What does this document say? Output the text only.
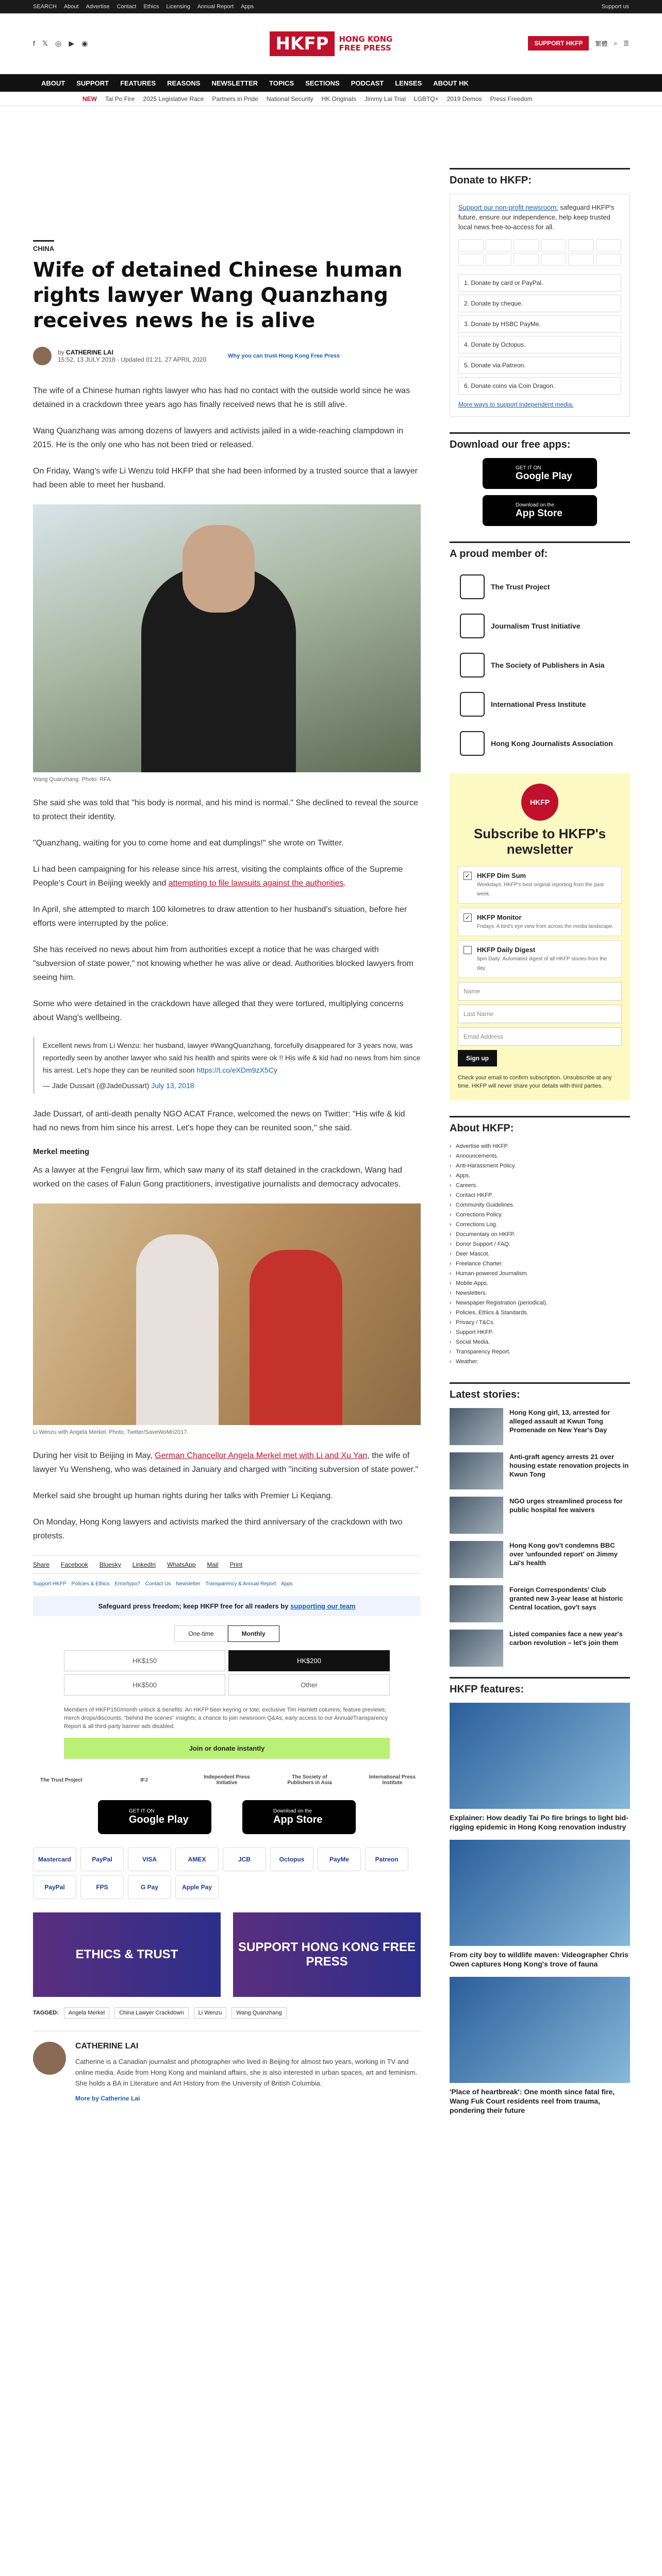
SEARCH About Advertise Contact Ethics Licensing Annual Report Apps	Support us
f 𝕏 ◎ ▶ ◉	HKFP	HONG KONG
FREE PRESS	SUPPORT HKFP	繁體 ⌕ ☰
ABOUT SUPPORT FEATURES REASONS NEWSLETTER TOPICS SECTIONS PODCAST LENSES ABOUT HK
NEW Tai Po Fire 2025 Legislative Race Partners in Pride National Security HK Originals Jimmy Lai Trial LGBTQ+ 2019 Demos Press Freedom
CHINA
Wife of detained Chinese human rights lawyer Wang Quanzhang receives news he is alive
by CATHERINE LAI
15:52, 13 JULY 2018 · Updated 01:21, 27 APRIL 2020	Why you can trust Hong Kong Free Press

The wife of a Chinese human rights lawyer who has had no contact with the outside world since he was detained in a crackdown three years ago has finally received news that he is still alive.

Wang Quanzhang was among dozens of lawyers and activists jailed in a wide-reaching clampdown in 2015. He is the only one who has not been tried or released.

On Friday, Wang's wife Li Wenzu told HKFP that she had been informed by a trusted source that a lawyer had been able to meet her husband.

Wang Quanzhang. Photo: RFA.

She said she was told that "his body is normal, and his mind is normal." She declined to reveal the source to protect their identity.

"Quanzhang, waiting for you to come home and eat dumplings!" she wrote on Twitter.

Li had been campaigning for his release since his arrest, visiting the complaints office of the Supreme People's Court in Beijing weekly and attempting to file lawsuits against the authorities.

In April, she attempted to march 100 kilometres to draw attention to her husband's situation, before her efforts were interrupted by the police.

She has received no news about him from authorities except a notice that he was charged with "subversion of state power," not knowing whether he was alive or dead. Authorities blocked lawyers from seeing him.

Some who were detained in the crackdown have alleged that they were tortured, multiplying concerns about Wang's wellbeing.

Excellent news from Li Wenzu: her husband, lawyer #WangQuanzhang, forcefully disappeared for 3 years now, was reportedly seen by another lawyer who said his health and spirits were ok !! His wife & kid had no news from him since his arrest. Let's hope they can be reunited soon https://t.co/eXDm9zX5Cy
— Jade Dussart (@JadeDussart) July 13, 2018

Jade Dussart, of anti-death penalty NGO ACAT France, welcomed the news on Twitter: "His wife & kid had no news from him since his arrest. Let's hope they can be reunited soon," she said.

Merkel meeting

As a lawyer at the Fengrui law firm, which saw many of its staff detained in the crackdown, Wang had worked on the cases of Falun Gong practitioners, investigative journalists and democracy advocates.

Li Wenzu with Angela Merkel. Photo: Twitter/SaveWoMri2017.

During her visit to Beijing in May, German Chancellor Angela Merkel met with Li and Xu Yan, the wife of lawyer Yu Wensheng, who was detained in January and charged with "inciting subversion of state power."

Merkel said she brought up human rights during her talks with Premier Li Keqiang.

On Monday, Hong Kong lawyers and activists marked the third anniversary of the crackdown with two protests.

Share Facebook Bluesky LinkedIn WhatsApp Mail Print
Support HKFP Policies & Ethics Error/typo? Contact Us Newsletter Transparency & Annual Report Apps
Safeguard press freedom; keep HKFP free for all readers by supporting our team
One-time	Monthly
HK$150	HK$200
HK$500	Other
Members of HKFP150/month unlock & benefits: An HKFP beer keyring or tote; exclusive Tim Hamlett columns; feature previews; merch drops/discounts; "behind the scenes" insights; a chance to join newsroom Q&As; early access to our Annual/Transparency Report & all third-party banner ads disabled.
Join or donate instantly
The Trust Project	IFJ	Independent Press Initiative
The Society of Publishers in Asia
International Press Institute
GET IT ON
Google Play
Download on the
App Store
Mastercard	PayPal	VISA	AMEX	JCB	Octopus	PayMe	Patreon
PayPal	FPS	G Pay	Apple Pay
ETHICS & TRUST
SUPPORT HONG KONG FREE PRESS
TAGGED:	Angela Merkel	China Lawyer Crackdown	Li Wenzu	Wang Quanzhang
CATHERINE LAI

Catherine is a Canadian journalist and photographer who lived in Beijing for almost two years, working in TV and online media. Aside from Hong Kong and mainland affairs, she is also interested in urban spaces, art and feminism. She holds a BA in Literature and Art History from the University of British Columbia.

More by Catherine Lai
Donate to HKFP:

Support our non-profit newsroom: safeguard HKFP's future, ensure our independence, help keep trusted local news free-to-access for all.

1. Donate by card or PayPal.
2. Donate by cheque.
3. Donate by HSBC PayMe.
4. Donate by Octopus.
5. Donate via Patreon.
6. Donate coins via Coin Dragon.
More ways to support independent media.
Download our free apps:
GET IT ON
Google Play
Download on the
App Store
A proud member of:
The Trust Project
Journalism Trust Initiative
The Society of Publishers in Asia
International Press Institute
Hong Kong Journalists Association
HKFP
Subscribe to HKFP's newsletter
✓ HKFP Dim Sum
Weekdays: HKFP's best original reporting from the past week.
✓ HKFP Monitor
Fridays: A bird's eye view from across the media landscape.
HKFP Daily Digest
5pm Daily: Automated digest of all HKFP stories from the day.
Name
Last Name
Email Address
Sign up
Check your email to confirm subscription. Unsubscribe at any time. HKFP will never share your details with third parties.
About HKFP:
› Advertise with HKFP.
› Announcements.
› Anti-Harassment Policy.
› Apps.
› Careers.
› Contact HKFP.
› Community Guidelines.
› Corrections Policy.
› Corrections Log.
› Documentary on HKFP.
› Donor Support / FAQ.
› Deer Mascot.
› Freelance Charter.
› Human-powered Journalism.
› Mobile Apps.
› Newsletters.
› Newspaper Registration (periodical).
› Policies, Ethics & Standards.
› Privacy / T&Cs.
› Support HKFP.
› Social Media.
› Transparency Report.
› Weather.
Latest stories:
Hong Kong girl, 13, arrested for alleged assault at Kwun Tong Promenade on New Year's Day
Anti-graft agency arrests 21 over housing estate renovation projects in Kwun Tong
NGO urges streamlined process for public hospital fee waivers
Hong Kong gov't condemns BBC over 'unfounded report' on Jimmy Lai's health
Foreign Correspondents' Club granted new 3-year lease at historic Central location, gov't says
Listed companies face a new year's carbon revolution – let's join them
HKFP features:
Explainer: How deadly Tai Po fire brings to light bid-rigging epidemic in Hong Kong renovation industry
From city boy to wildlife maven: Videographer Chris Owen captures Hong Kong's trove of fauna
'Place of heartbreak': One month since fatal fire, Wang Fuk Court residents reel from trauma, pondering their future
